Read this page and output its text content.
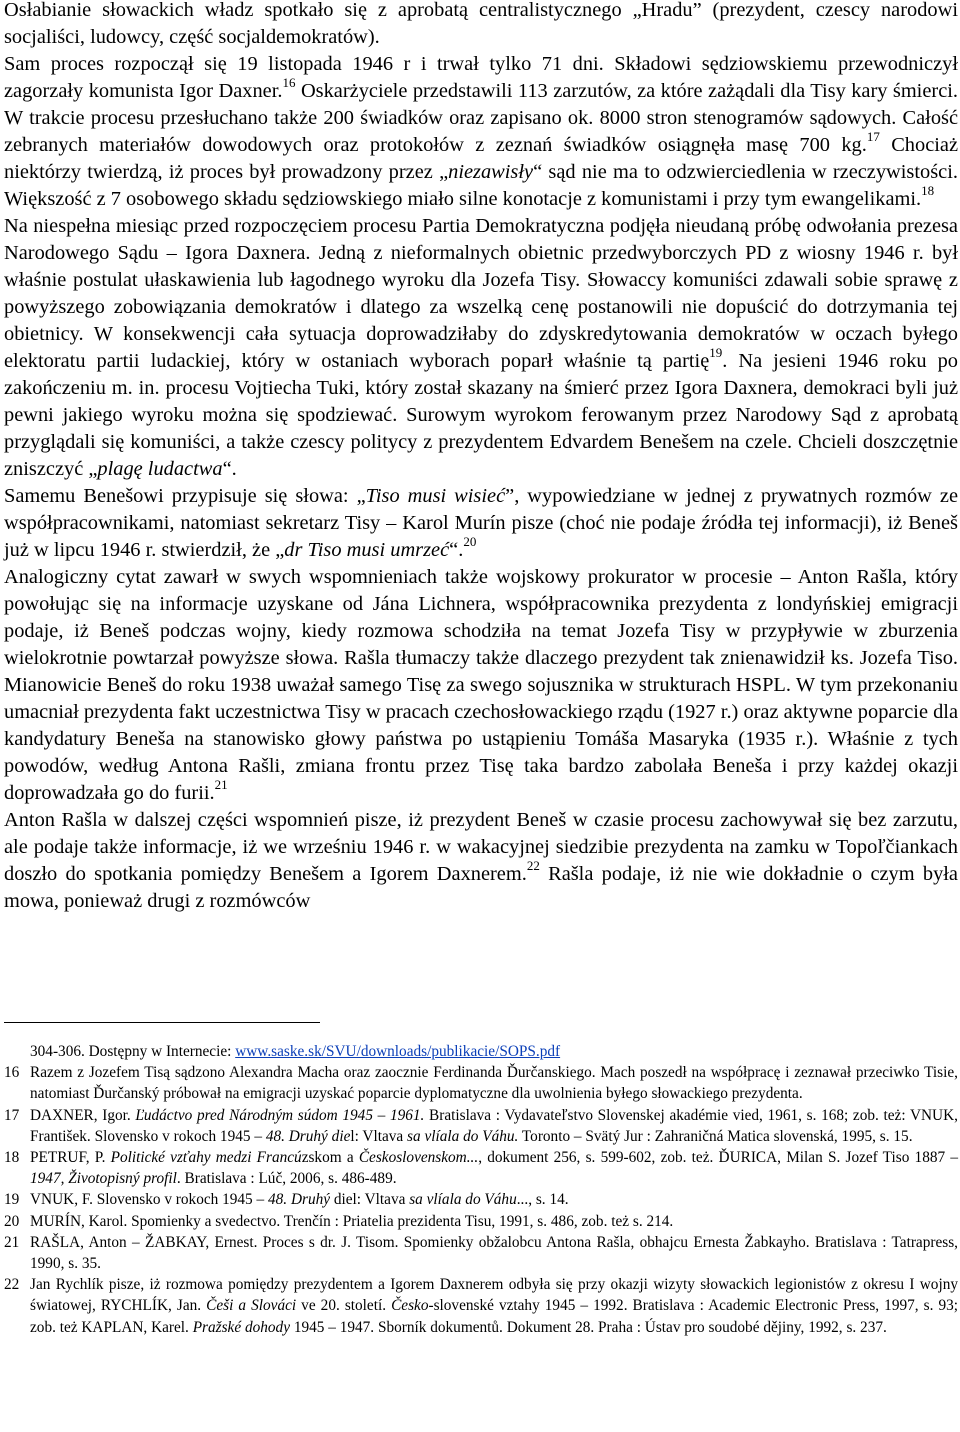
Osłabianie słowackich władz spotkało się z aprobatą centralistycznego „Hradu” (prezydent, czescy narodowi socjaliści, ludowcy, część socjaldemokratów).
Sam proces rozpoczął się 19 listopada 1946 r i trwał tylko 71 dni. Składowi sędziowskiemu przewodniczył zagorzały komunista Igor Daxner.$^{16}$ Oskarżyciele przedstawili 113 zarzutów, za które zażądali dla Tisy kary śmierci. W trakcie procesu przesłuchano także 200 świadków oraz zapisano ok. 8000 stron stenogramów sądowych. Całość zebranych materiałów dowodowych oraz protokołów z zeznań świadków osiągnęła masę 700 kg.$^{17}$ Chociaż niektórzy twierdzą, iż proces był prowadzony przez „niezawisły“ sąd nie ma to odzwierciedlenia w rzeczywistości. Większość z 7 osobowego składu sędziowskiego miało silne konotacje z komunistami i przy tym ewangelikami.$^{18}$

Na niespełna miesiąc przed rozpoczęciem procesu Partia Demokratyczna podjęła nieudaną próbę odwołania prezesa Narodowego Sądu – Igora Daxnera. Jedną z nieformalnych obietnic przedwyborczych PD z wiosny 1946 r. był właśnie postulat ułaskawienia lub łagodnego wyroku dla Jozefa Tisy. Słowaccy komuniści zdawali sobie sprawę z powyższego zobowiązania demokratów i dlatego za wszelką cenę postanowili nie dopuścić do dotrzymania tej obietnicy. W konsekwencji cała sytuacja doprowadziłaby do zdyskredytowania demokratów w oczach byłego elektoratu partii ludackiej, który w ostaniach wyborach poparł właśnie tą partię$^{19}$. Na jesieni 1946 roku po zakończeniu m. in. procesu Vojtiecha Tuki, który został skazany na śmierć przez Igora Daxnera, demokraci byli już pewni jakiego wyroku można się spodziewać. Surowym wyrokom ferowanym przez Narodowy Sąd z aprobatą przyglądali się komuniści, a także czescy politycy z prezydentem Edvardem Benešem na czele. Chcieli doszczętnie zniszczyć „plagę ludactwa“.

Samemu Benešowi przypisuje się słowa: „Tiso musi wisieć”, wypowiedziane w jednej z prywatnych rozmów ze współpracownikami, natomiast sekretarz Tisy – Karol Murín pisze (choć nie podaje źródła tej informacji), iż Beneš już w lipcu 1946 r. stwierdził, że „dr Tiso musi umrzeć“.$^{20}$

Analogiczny cytat zawarł w swych wspomnieniach także wojskowy prokurator w procesie – Anton Rašla, który powołując się na informacje uzyskane od Jána Lichnera, współpracownika prezydenta z londyńskiej emigracji podaje, iż Beneš podczas wojny, kiedy rozmowa schodziła na temat Jozefa Tisy w przypływie w zburzenia wielokrotnie powtarzał powyższe słowa. Rašla tłumaczy także dlaczego prezydent tak znienawidził ks. Jozefa Tiso. Mianowicie Beneš do roku 1938 uważał samego Tisę za swego sojusznika w strukturach HSPL. W tym przekonaniu umacniał prezydenta fakt uczestnictwa Tisy w pracach czechosłowackiego rządu (1927 r.) oraz aktywne poparcie dla kandydatury Beneša na stanowisko głowy państwa po ustąpieniu Tomáša Masaryka (1935 r.). Właśnie z tych powodów, według Antona Rašli, zmiana frontu przez Tisę taka bardzo zabolała Beneša i przy każdej okazji doprowadzała go do furii.$^{21}$

Anton Rašla w dalszej części wspomnień pisze, iż prezydent Beneš w czasie procesu zachowywał się bez zarzutu, ale podaje także informacje, iż we wrześniu 1946 r. w wakacyjnej siedzibie prezydenta na zamku w Topoľčiankach doszło do spotkania pomiędzy Benešem a Igorem Daxnerem.$^{22}$ Rašla podaje, iż nie wie dokładnie o czym była mowa, ponieważ drugi z rozmówców

304-306. Dostępny w Internecie: www.saske.sk/SVU/downloads/publikacie/SOPS.pdf
16 Razem z Jozefem Tisą sądzono Alexandra Macha oraz zaocznie Ferdinanda Ďurčanskiego. Mach poszedł na współpracę i zeznawał przeciwko Tisie, natomiast Ďurčanský próbował na emigracji uzyskać poparcie dyplomatyczne dla uwolnienia byłego słowackiego prezydenta.
17 DAXNER, Igor. Ľudáctvo pred Národným súdom 1945 – 1961. Bratislava : Vydavateľstvo Slovenskej akadémie vied, 1961, s. 168; zob. też: VNUK, František. Slovensko v rokoch 1945 – 48. Druhý diel: Vltava sa vlíala do Váhu. Toronto – Svätý Jur : Zahraničná Matica slovenská, 1995, s. 15.
18 PETRUF, P. Politické vzťahy medzi Francúzskom a Československom..., dokument 256, s. 599-602, zob. też. ĎURICA, Milan S. Jozef Tiso 1887 – 1947, Životopisný profil. Bratislava : Lúč, 2006, s. 486-489.
19 VNUK, F. Slovensko v rokoch 1945 – 48. Druhý diel: Vltava sa vlíala do Váhu..., s. 14.
20 MURÍN, Karol. Spomienky a svedectvo. Trenčín : Priatelia prezidenta Tisu, 1991, s. 486, zob. też s. 214.
21 RAŠLA, Anton – ŽABKAY, Ernest. Proces s dr. J. Tisom. Spomienky obžalobcu Antona Rašla, obhajcu Ernesta Žabkayho. Bratislava : Tatrapress, 1990, s. 35.
22 Jan Rychlík pisze, iż rozmowa pomiędzy prezydentem a Igorem Daxnerem odbyła się przy okazji wizyty słowackich legionistów z okresu I wojny światowej, RYCHLÍK, Jan. Češi a Slováci ve 20. století. Česko-slovenské vztahy 1945 – 1992. Bratislava : Academic Electronic Press, 1997, s. 93; zob. też KAPLAN, Karel. Pražské dohody 1945 – 1947. Sborník dokumentů. Dokument 28. Praha : Ústav pro soudobé dějiny, 1992, s. 237.
